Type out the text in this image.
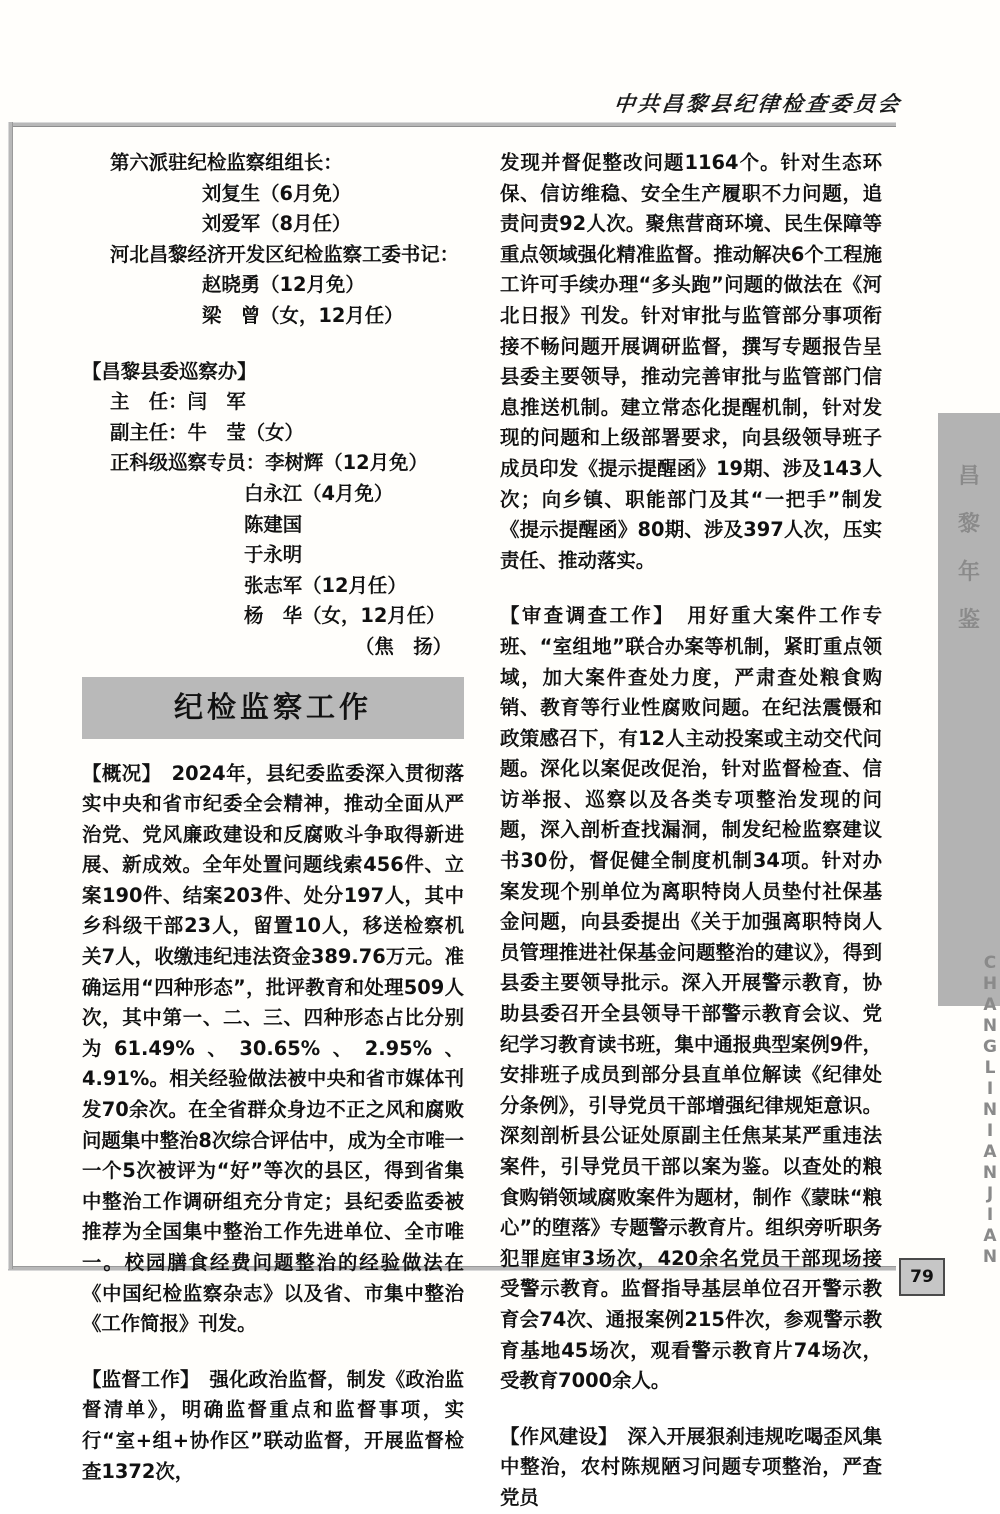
中共昌黎县纪律检查委员会
第六派驻纪检监察组组长：
刘复生（6月免）
刘爱军（8月任）
河北昌黎经济开发区纪检监察工委书记：
赵晓勇（12月免）
梁　曾（女，12月任）
【昌黎县委巡察办】
主　任：闫　军
副主任：牛　莹（女）
正科级巡察专员：李树辉（12月免）
白永江（4月免）
陈建国
于永明
张志军（12月任）
杨　华（女，12月任）
（焦　扬）
纪检监察工作
【概况】　2024年，县纪委监委深入贯彻落实中央和省市纪委全会精神，推动全面从严治党、党风廉政建设和反腐败斗争取得新进展、新成效。全年处置问题线索456件、立案190件、结案203件、处分197人，其中乡科级干部23人，留置10人，移送检察机关7人，收缴违纪违法资金389.76万元。准确运用“四种形态”，批评教育和处理509人次，其中第一、二、三、四种形态占比分别为61.49%、30.65%、2.95%、4.91%。相关经验做法被中央和省市媒体刊发70余次。在全省群众身边不正之风和腐败问题集中整治8次综合评估中，成为全市唯一一个5次被评为“好”等次的县区，得到省集中整治工作调研组充分肯定；县纪委监委被推荐为全国集中整治工作先进单位、全市唯一。校园膳食经费问题整治的经验做法在《中国纪检监察杂志》以及省、市集中整治《工作简报》刊发。
【监督工作】　强化政治监督，制发《政治监督清单》，明确监督重点和监督事项，实行“室+组+协作区”联动监督，开展监督检查1372次，
发现并督促整改问题1164个。针对生态环保、信访维稳、安全生产履职不力问题，追责问责92人次。聚焦营商环境、民生保障等重点领域强化精准监督。推动解决6个工程施工许可手续办理“多头跑”问题的做法在《河北日报》刊发。针对审批与监管部分事项衔接不畅问题开展调研监督，撰写专题报告呈县委主要领导，推动完善审批与监管部门信息推送机制。建立常态化提醒机制，针对发现的问题和上级部署要求，向县级领导班子成员印发《提示提醒函》19期、涉及143人次；向乡镇、职能部门及其“一把手”制发《提示提醒函》80期、涉及397人次，压实责任、推动落实。
【审查调查工作】　用好重大案件工作专班、“室组地”联合办案等机制，紧盯重点领域，加大案件查处力度，严肃查处粮食购销、教育等行业性腐败问题。在纪法震慑和政策感召下，有12人主动投案或主动交代问题。深化以案促改促治，针对监督检查、信访举报、巡察以及各类专项整治发现的问题，深入剖析查找漏洞，制发纪检监察建议书30份，督促健全制度机制34项。针对办案发现个别单位为离职特岗人员垫付社保基金问题，向县委提出《关于加强离职特岗人员管理推进社保基金问题整治的建议》，得到县委主要领导批示。深入开展警示教育，协助县委召开全县领导干部警示教育会议、党纪学习教育读书班，集中通报典型案例9件，安排班子成员到部分县直单位解读《纪律处分条例》，引导党员干部增强纪律规矩意识。深刻剖析县公证处原副主任焦某某严重违法案件，引导党员干部以案为鉴。以查处的粮食购销领域腐败案件为题材，制作《蒙昧“粮心”的堕落》专题警示教育片。组织旁听职务犯罪庭审3场次，420余名党员干部现场接受警示教育。监督指导基层单位召开警示教育会74次、通报案例215件次，参观警示教育基地45场次，观看警示教育片74场次，受教育7000余人。
【作风建设】　深入开展狠刹违规吃喝歪风集中整治，农村陈规陋习问题专项整治，严查党员
昌
黎
年
鉴
CHANGLINIANJIAN
79
